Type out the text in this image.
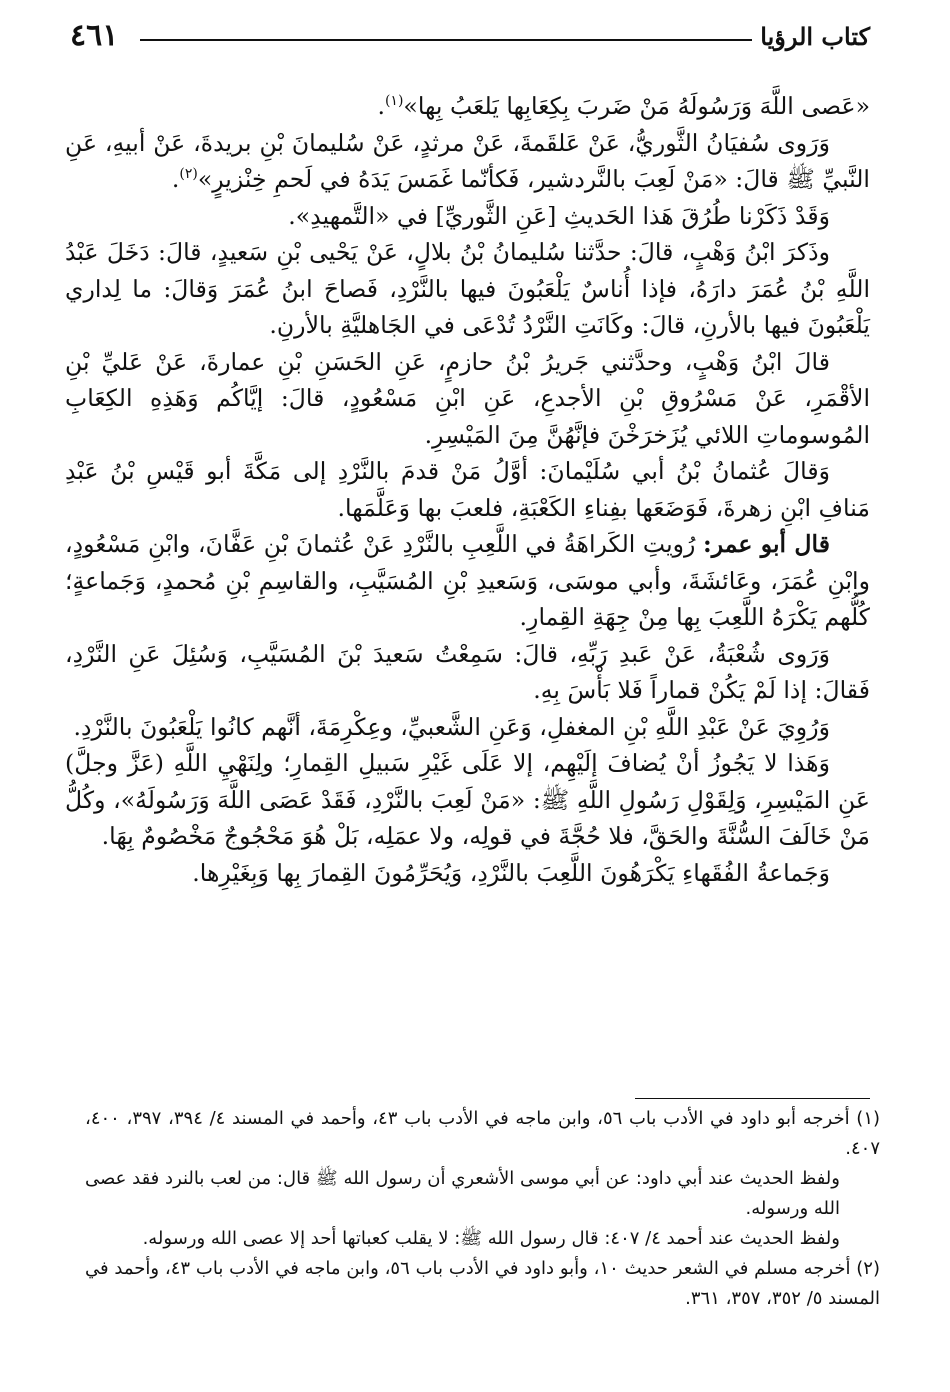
٤٦١	كتاب الرؤيا

«عَصى اللَّهَ وَرَسُولَهُ مَنْ ضَربَ بِكِعَابِها يَلعَبُ بِها»$^{(١)}$.

وَرَوى سُفيَانُ الثَّوريُّ، عَنْ عَلقَمةَ، عَنْ مرثدٍ، عَنْ سُليمانَ بْنِ بريدةَ، عَنْ أبيهِ، عَنِ النَّبيِّ ﷺ قالَ: «مَنْ لَعِبَ بالنَّردشير، فَكأنّما غَمَسَ يَدَهُ في لَحمِ خِنْزيرٍ»$^{(٢)}$.

وَقَدْ ذَكَرْنا طُرُقَ هَذا الحَديثِ [عَنِ الثَّوريِّ] في «التَّمهيدِ».

وذَكرَ ابْنُ وَهْبٍ، قالَ: حدَّثنا سُليمانُ بْنُ بلالٍ، عَنْ يَحْيى بْنِ سَعيدٍ، قالَ: دَخَلَ عَبْدُ اللَّهِ بْنُ عُمَرَ دارَهُ، فإذا أُناسٌ يَلْعَبُونَ فيها بالنَّرْدِ، فَصاحَ ابنُ عُمَرَ وَقالَ: ما لِداري يَلْعَبُونَ فيها بالأرنِ، قالَ: وكَانَتِ النَّرْدُ تُدْعَى في الجَاهليَّةِ بالأرنِ.

قالَ ابْنُ وَهْبٍ، وحدَّثني جَريرُ بْنُ حازمٍ، عَنِ الحَسَنِ بْنِ عمارةَ، عَنْ عَليِّ بْنِ الأقْمَرِ، عَنْ مَسْرُوقِ بْنِ الأجدعِ، عَنِ ابْنِ مَسْعُودٍ، قالَ: إيَّاكُم وَهَذِهِ الكِعَابِ المُوسوماتِ اللائي يُزَخرَخْنَ فإنَّهُنَّ مِنَ المَيْسِرِ.

وَقالَ عُثمانُ بْنُ أبي سُلَيْمانَ: أوَّلُ مَنْ قدمَ بالنَّرْدِ إلى مَكَّةَ أبو قَيْسِ بْنُ عَبْدِ مَنافِ ابْنِ زهرةَ، فَوَضَعَها بفِناءِ الكَعْبَةِ، فلعبَ بها وَعَلَّمَها.

قال أبو عمر: رُويتِ الكَراهَةُ في اللَّعِبِ بالنَّرْدِ عَنْ عُثمانَ بْنِ عَفَّانَ، وابْنِ مَسْعُودٍ، وابْنِ عُمَرَ، وعَائشَةَ، وأبي موسَى، وَسَعيدِ بْنِ المُسَيَّبِ، والقاسِمِ بْنِ مُحمدٍ، وَجَماعةٍ؛ كُلُّهم يَكْرَهُ اللَّعِبَ بِها مِنْ جِهَةِ القِمارِ.

وَرَوى شُعْبَةُ، عَنْ عَبدِ رَبِّهِ، قالَ: سَمِعْتُ سَعيدَ بْنَ المُسَيَّبِ، وَسُئِلَ عَنِ النَّرْدِ، فَقالَ: إذا لَمْ يَكُنْ قماراً فَلا بَأْسَ بِهِ.

وَرُوِيَ عَنْ عَبْدِ اللَّهِ بْنِ المغفلِ، وَعَنِ الشَّعبيِّ، وعِكْرِمَةَ، أنَّهم كانُوا يَلْعَبُونَ بالنَّرْدِ.

وَهَذا لا يَجُوزُ أنْ يُضافَ إلَيْهِم، إلا عَلَى غَيْرِ سَبيلِ القِمارِ؛ ولِنَهْيِ اللَّهِ (عَزَّ وجلَّ) عَنِ المَيْسِرِ، وَلِقَوْلِ رَسُولِ اللَّهِ ﷺ: «مَنْ لَعِبَ بالنَّرْدِ، فَقَدْ عَصَى اللَّهَ وَرَسُولَهُ»، وكُلُّ مَنْ خَالَفَ السُّنَّةَ والحَقَّ، فلا حُجَّةَ في قولِه، ولا عمَلِه، بَلْ هُوَ مَحْجُوجٌ مَخْصُومٌ بِهَا.

وَجَماعةُ الفُقَهاءِ يَكْرَهُونَ اللَّعِبَ بالنَّرْدِ، وَيُحَرِّمُونَ القِمارَ بِها وَبِغَيْرِها.

(١) أخرجه أبو داود في الأدب باب ٥٦، وابن ماجه في الأدب باب ٤٣، وأحمد في المسند ٤/ ٣٩٤، ٣٩٧، ٤٠٠، ٤٠٧.

ولفظ الحديث عند أبي داود: عن أبي موسى الأشعري أن رسول الله ﷺ قال: من لعب بالنرد فقد عصى الله ورسوله.

ولفظ الحديث عند أحمد ٤/ ٤٠٧: قال رسول الله ﷺ: لا يقلب كعباتها أحد إلا عصى الله ورسوله.

(٢) أخرجه مسلم في الشعر حديث ١٠، وأبو داود في الأدب باب ٥٦، وابن ماجه في الأدب باب ٤٣، وأحمد في المسند ٥/ ٣٥٢، ٣٥٧، ٣٦١.
